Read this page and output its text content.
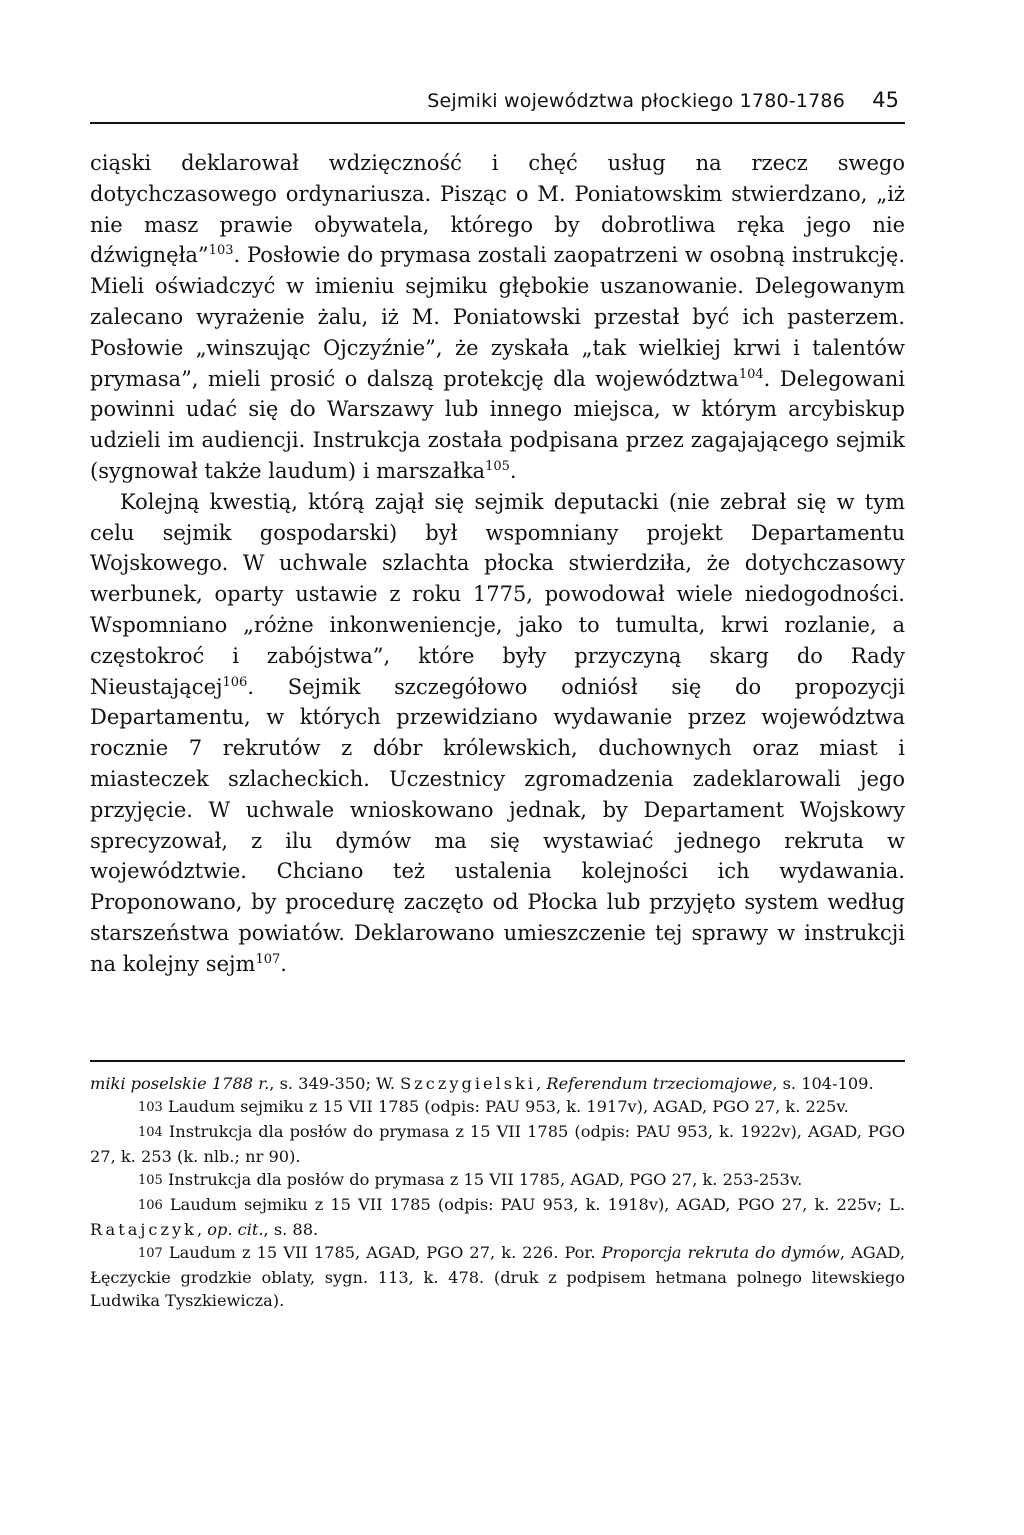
Sejmiki województwa płockiego 1780-1786 45

ciąski deklarował wdzięczność i chęć usług na rzecz swego dotychczasowego ordynariusza. Pisząc o M. Poniatowskim stwierdzano, „iż nie masz prawie obywatela, którego by dobrotliwa ręka jego nie dźwignęła”$^{103}$. Posłowie do prymasa zostali zaopatrzeni w osobną instrukcję. Mieli oświadczyć w imieniu sejmiku głębokie uszanowanie. Delegowanym zalecano wyrażenie żalu, iż M. Poniatowski przestał być ich pasterzem. Posłowie „winszując Ojczyźnie”, że zyskała „tak wielkiej krwi i talentów prymasa”, mieli prosić o dalszą protekcję dla województwa$^{104}$. Delegowani powinni udać się do Warszawy lub innego miejsca, w którym arcybiskup udzieli im audiencji. Instrukcja została podpisana przez zagajającego sejmik (sygnował także laudum) i marszałka$^{105}$.

Kolejną kwestią, którą zajął się sejmik deputacki (nie zebrał się w tym celu sejmik gospodarski) był wspomniany projekt Departamentu Wojskowego. W uchwale szlachta płocka stwierdziła, że dotychczasowy werbunek, oparty ustawie z roku 1775, powodował wiele niedogodności. Wspomniano „różne inkonweniencje, jako to tumulta, krwi rozlanie, a częstokroć i zabójstwa”, które były przyczyną skarg do Rady Nieustającej$^{106}$. Sejmik szczegółowo odniósł się do propozycji Departamentu, w których przewidziano wydawanie przez województwa rocznie 7 rekrutów z dóbr królewskich, duchownych oraz miast i miasteczek szlacheckich. Uczestnicy zgromadzenia zadeklarowali jego przyjęcie. W uchwale wnioskowano jednak, by Departament Wojskowy sprecyzował, z ilu dymów ma się wystawiać jednego rekruta w województwie. Chciano też ustalenia kolejności ich wydawania. Proponowano, by procedurę zaczęto od Płocka lub przyjęto system według starszeństwa powiatów. Deklarowano umieszczenie tej sprawy w instrukcji na kolejny sejm$^{107}$.

miki poselskie 1788 r., s. 349-350; W. Szczygielski, Referendum trzeciomajowe, s. 104-109.

103 Laudum sejmiku z 15 VII 1785 (odpis: PAU 953, k. 1917v), AGAD, PGO 27, k. 225v.

104 Instrukcja dla posłów do prymasa z 15 VII 1785 (odpis: PAU 953, k. 1922v), AGAD, PGO 27, k. 253 (k. nlb.; nr 90).

105 Instrukcja dla posłów do prymasa z 15 VII 1785, AGAD, PGO 27, k. 253-253v.

106 Laudum sejmiku z 15 VII 1785 (odpis: PAU 953, k. 1918v), AGAD, PGO 27, k. 225v; L. Ratajczyk, op. cit., s. 88.

107 Laudum z 15 VII 1785, AGAD, PGO 27, k. 226. Por. Proporcja rekruta do dymów, AGAD, Łęczyckie grodzkie oblaty, sygn. 113, k. 478. (druk z podpisem hetmana polnego litewskiego Ludwika Tyszkiewicza).
